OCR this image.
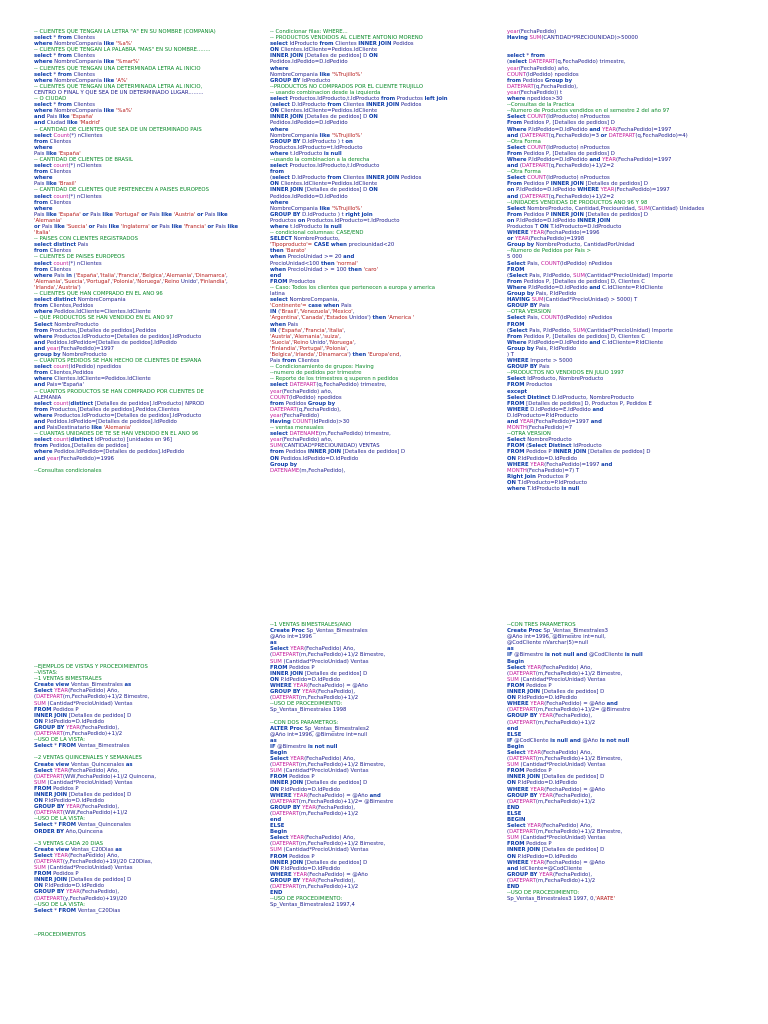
-- CLIENTES QUE TENGAN LA LETRA "A" EN SU NOMBRE (COMPAÑIA)
select * from Clientes
where NombreCompania like '%a%'
-- CLIENTES QUE TENGAN LA PALABRA "MAS" EN SU NOMBRE........
select * from Clientes
where NombreCompania like '%mar%'
-- CLIENTES QUE TENGAN UNA DETERMINADA LETRA AL INICIO
select * from Clientes
where NombreCompania like 'A%'
-- CLIENTES QUE TENGAN UNA DETERMINADA LETRA AL INICIO,
CENTRO O FINAL Y QUE SEA DE UN DETERMINADO LUGAR.........
-- O CIUDAD
select * from Clientes
where NombreCompania like '%a%'
and Pais like 'España'
and Ciudad like 'Madrid'
-- CANTIDAD DE CLIENTES QUE SEA DE UN DETERMINADO PAIS
select Count(*) nClientes
from Clientes
where
Pais like 'España'
-- CANTIDAD DE CLIENTES DE BRASIL
select count(*) nClientes
from Clientes
where
Pais like 'Brasil'
-- CANTIDAD DE CLIENTES QUE PERTENECEN A PAISES EUROPEOS
select count(*) nClientes
from Clientes
where
Pais like 'España' or Pais like 'Portugal' or Pais like 'Austria' or Pais like
'Alemania'
or Pais like 'Suecia' or Pais like 'Inglaterra' or Pais like 'Francia' or Pais like
'Italia'
-- PAISES CON CLIENTES REGISTRADOS
select distinct Pais
from Clientes
-- CLIENTES DE PAISES EUROPEOS
select count(*) nClientes
from Clientes
where Pais in ('España','Italia','Francia','Belgica','Alemania','Dinamarca',
'Alemania','Suecia','Portugal','Polonia','Noruega','Reino Unido','Finlandia',
'Irlanda','Austria')
-- CLIENTES QUE HAN COMPRADO EN EL AÑO 96
select distinct NombreCompania
from Clientes,Pedidos
where Pedidos.IdCliente=Clientes.IdCliente
-- QUE PRODUCTOS SE HAN VENDIDO EN EL AÑO 97
Select NombreProducto
from Productos,[Detalles de pedidos],Pedidos
where Productos.IdProducto=[Detalles de pedidos].IdProducto
and Pedidos.IdPedido=[Detalles de pedidos].IdPedido
and year(FechaPedido)=1997
group by NombreProducto
-- CUANTOS PEDIDOS SE HAN HECHO DE CLIENTES DE ESPAÑA
select count(IdPedido) npedidos
from Clientes,Pedidos
where Clientes.IdCliente=Pedidos.IdCliente
and Pais='España'
-- CUANTOS PRODUCTOS SE HAN COMPRADO POR CLIENTES DE
ALEMANIA
select count(distinct [Detalles de pedidos].IdProducto) NPROD
from Productos,[Detalles de pedidos],Pedidos,Clientes
where Productos.IdProducto=[Detalles de pedidos].IdProducto
and Pedidos.IdPedido=[Detalles de pedidos].IdPedido
and PaisDestinatario like 'Alemania'
-- CUANTAS UNIDADES DE TE SE HAN VENDIDO EN EL AÑO 96
select count(distinct IdProducto) [unidades en 96]
from Pedidos,[Detalles de pedidos]
where Pedidos.IdPedido=[Detalles de pedidos].IdPedido
and year(FechaPedido)=1996
--Consultas condicionales
-- Condicionar filas: WHERE...
-- PRODUCTOS VENDIDOS AL CLIENTE ANTONIO MORENO
select IdProducto from Clientes INNER JOIN Pedidos
ON Clientes.IdCliente=Pedidos.IdCliente
INNER JOIN [Detalles de pedidos] D ON
Pedidos.IdPedido=D.IdPedido
where
NombreCompania like '%Trujillo%'
GROUP BY IdProducto
--PRODUCTOS NO COMPRADOS POR EL CLIENTE TRUJILLO
-- usando combinacion desde la izquierda
select Productos.IdProducto,t.IdProducto from Productos left join
(select D.IdProducto from Clientes INNER JOIN Pedidos
ON Clientes.IdCliente=Pedidos.IdCliente
INNER JOIN [Detalles de pedidos] D ON
Pedidos.IdPedido=D.IdPedido
where
NombreCompania like '%Trujillo%'
GROUP BY D.IdProducto ) t on
Productos.IdProducto=t.IdProducto
where t.IdProducto is null
--usando la combinacion a la derecha
select Productos.IdProducto,t.IdProducto
from
(select D.IdProducto from Clientes INNER JOIN Pedidos
ON Clientes.IdCliente=Pedidos.IdCliente
INNER JOIN [Detalles de pedidos] D ON
Pedidos.IdPedido=D.IdPedido
where
NombreCompania like '%Trujillo%'
GROUP BY D.IdProducto ) t right join
Productos on Productos.IdProducto=t.IdProducto
where t.IdProducto is null
-- condicional columnas: CASE/END
SELECT NombreProducto,
'Tipoproducto'= CASE when preciounidad<20
then 'Barato'
when PrecioUnidad >= 20 and
PrecioUnidad<100 then 'normal'
when PrecioUnidad > = 100 then 'caro'
end
FROM Productos
-- Caso: Todos los clientes que pertenecen a europa y america
latina
select NombreCompania,
'Continente'= case when Pais
IN ('Brasil','Venezuela','Mexico',
'Argentina','Canada','Estados Unidos') then 'America '
when Pais
IN ('España','Francia','Italia',
'Austria','Alemania','suiza',
'Suecia','Reino Unido','Noruega',
'Finlandia','Portugal','Polonia',
'Belgica','Irlanda','Dinamarca') then 'Europa'end,
Pais from Clientes
-- Condicionamiento de grupos: Having
--numero de pedidos por trimestre
-- Reporte de los trimestres q superen n pedidos
select DATEPART(q,FechaPedido) trimestre,
year(FechaPedido) año,
COUNT(IdPedido) npedidos
from Pedidos Group by
DATEPART(q,FechaPedido),
year(FechaPedido)
Having COUNT(IdPedido)>30
-- ventas mensuales
select DATENAME(m,FechaPedido) trimestre,
year(FechaPedido) año,
SUM(CANTIDAD*PRECIOUNIDAD) VENTAS
from Pedidos INNER JOIN [Detalles de pedidos] D
ON Pedidos.IdPedido=D.IdPedido
Group by
DATENAME(m,FechaPedido),
year(FechaPedido)
Having SUM(CANTIDAD*PRECIOUNIDAD)>50000
select * from
(select DATEPART(q,FechaPedido) trimestre,
year(FechaPedido) año,
COUNT(IdPedido) npedidos
from Pedidos Group by
DATEPART(q,FechaPedido),
year(FechaPedido)) t
where npedidos>30
--Consultas de la Practica
--Numero de Productos vendidos en el semestre 2 del año 97
Select COUNT(IdProducto) nProductos
From Pedidos P, [Detalles de pedidos] D
Where P.IdPedido=D.IdPedido and YEAR(FechaPedido)=1997
and (DATEPART(q,FechaPedido)=3 or DATEPART(q,FechaPedido)=4)
--Otra Forma
Select COUNT(IdProducto) nProductos
From Pedidos P, [Detalles de pedidos] D
Where P.IdPedido=D.IdPedido and YEAR(FechaPedido)=1997
and (DATEPART(q,FechaPedido)+1)/2=2
--Otra Forma
Select COUNT(IdProducto) nProductos
From Pedidos P INNER JOIN [Detalles de pedidos] D
on P.IdPedido=D.IdPedido WHERE YEAR(FechaPedido)=1997
and (DATEPART(q,FechaPedido)+1)/2=2
--UNIDADES VENDIDAS DE PRODUCTOS AÑO 96 Y 98
Select NombreProducto, Cantidad,Preciounidad, SUM(Cantidad) Unidades
From Pedidos P INNER JOIN [Detalles de pedidos] D
on P.IdPedido=D.IdPedido INNER JOIN
Productos T ON T.IdProducto=D.IdProducto
WHERE YEAR(FechaPedido)=1996
or YEAR(FechaPedido)=1998
Group by NombreProducto, CantidadPorUnidad
--Numero de Pedidos por Pais >
5 000
Select Pais, COUNT(IdPedido) nPedidos
FROM
(Select Pais, P.IdPedido, SUM(Cantidad*PrecioUnidad) Importe
From Pedidos P, [Detalles de pedidos] D, Clientes C
Where P.IdPedido=D.IdPedido and C.IdCliente=P.IdCliente
Group by Pais, P.IdPedido
HAVING SUM(Cantidad*PrecioUnidad) > 5000) T
GROUP BY Pais
--OTRA VERSION
Select Pais, COUNT(IdPedido) nPedidos
FROM
(Select Pais, P.IdPedido, SUM(Cantidad*PrecioUnidad) Importe
From Pedidos P, [Detalles de pedidos] D, Clientes C
Where P.IdPedido=D.IdPedido and C.IdCliente=P.IdCliente
Group by Pais, P.IdPedido
) T
WHERE Importe > 5000
GROUP BY Pais
--PRODUCTOS NO VENDIDOS EN JULIO 1997
Select IdProducto, NombreProducto
FROM Productos
except
Select Distinct D.IdProducto, NombreProducto
FROM [Detalles de pedidos] D, Productos P, Pedidos E
WHERE D.IdPedido=E.IdPedido and
D.IdProducto=P.IdProducto
and YEAR(FechaPedido)=1997 and
MONTH(FechaPedido)=7
--OTRA VERSION
Select NombreProducto
FROM (Select Distinct IdProducto
FROM Pedidos P INNER JOIN [Detalles de pedidos] D
ON P.IdPedido=D.IdPedido
WHERE YEAR(FechaPedido)=1997 and
MONTH(FechaPedido)=7) T
Right Join Productos P
ON T.IdProducto=P.IdProducto
where T.IdProducto is null
--EJEMPLOS DE VISTAS Y PROCEDIMIENTOS
--VISTAS:
--1 VENTAS BIMESTRALES
Create view Ventas_Bimestrales as
Select YEAR(FechaPedido) Año,
(DATEPART(m,FechaPedido)+1)/2 Bimestre,
SUM (Cantidad*PrecioUnidad) Ventas
FROM Pedidos P
INNER JOIN [Detalles de pedidos] D
ON P.IdPedido=D.IdPedido
GROUP BY YEAR(FechaPedido),
(DATEPART(m,FechaPedido)+1)/2
--USO DE LA VISTA:
Select * FROM Ventas_Bimestrales
--2 VENTAS QUINCENALES Y SEMANALES
Create view Ventas_Quincenales as
Select YEAR(FechaPedido) Año,
(DATEPART(WW,FechaPedido)+1)/2 Quincena,
SUM (Cantidad*PrecioUnidad) Ventas
FROM Pedidos P
INNER JOIN [Detalles de pedidos] D
ON P.IdPedido=D.IdPedido
GROUP BY YEAR(FechaPedido),
(DATEPART(WW,FechaPedido)+1)/2
--USO DE LA VISTA:
Select * FROM Ventas_Quincenales
ORDER BY Año,Quincena
--3 VENTAS CADA 20 DIAS
Create view Ventas_C20Dias as
Select YEAR(FechaPedido) Año,
(DATEPART(y,FechaPedido)+19)/20 C20Dias,
SUM (Cantidad*PrecioUnidad) Ventas
FROM Pedidos P
INNER JOIN [Detalles de pedidos] D
ON P.IdPedido=D.IdPedido
GROUP BY YEAR(FechaPedido),
(DATEPART(y,FechaPedido)+19)/20
--USO DE LA VISTA:
Select * FROM Ventas_C20Dias
--PROCEDIMIENTOS
--1 VENTAS BIMESTRALES/AÑO
Create Proc Sp_Ventas_Bimestrales
@Año int=1996
as
Select YEAR(FechaPedido) Año,
(DATEPART(m,FechaPedido)+1)/2 Bimestre,
SUM (Cantidad*PrecioUnidad) Ventas
FROM Pedidos P
INNER JOIN [Detalles de pedidos] D
ON P.IdPedido=D.IdPedido
WHERE YEAR(FechaPedido) = @Año
GROUP BY YEAR(FechaPedido),
(DATEPART(m,FechaPedido)+1)/2
--USO DE PROCEDIMIENTO:
Sp_Ventas_Bimestrales 1998
--CON DOS PARAMETROS:
ALTER Proc Sp_Ventas_Bimestrales2
@Año int=1996, @Bimestre int=null
as
IF @Bimestre is not null
Begin
Select YEAR(FechaPedido) Año,
(DATEPART(m,FechaPedido)+1)/2 Bimestre,
SUM (Cantidad*PrecioUnidad) Ventas
FROM Pedidos P
INNER JOIN [Detalles de pedidos] D
ON P.IdPedido=D.IdPedido
WHERE YEAR(FechaPedido) = @Año and
(DATEPART(m,FechaPedido)+1)/2= @Bimestre
GROUP BY YEAR(FechaPedido),
(DATEPART(m,FechaPedido)+1)/2
end
ELSE
Begin
Select YEAR(FechaPedido) Año,
(DATEPART(m,FechaPedido)+1)/2 Bimestre,
SUM (Cantidad*PrecioUnidad) Ventas
FROM Pedidos P
INNER JOIN [Detalles de pedidos] D
ON P.IdPedido=D.IdPedido
WHERE YEAR(FechaPedido) = @Año
GROUP BY YEAR(FechaPedido),
(DATEPART(m,FechaPedido)+1)/2
END
--USO DE PROCEDIMIENTO:
Sp_Ventas_Bimestrales2 1997,4
--CON TRES PARAMETROS
Create Proc Sp_Ventas_Bimestrales3
@Año int=1996, @Bimestre int=null,
@CodCliente nVarchar(5)=null
as
IF @Bimestre is not null and @CodCliente is null
Begin
Select YEAR(FechaPedido) Año,
(DATEPART(m,FechaPedido)+1)/2 Bimestre,
SUM (Cantidad*PrecioUnidad) Ventas
FROM Pedidos P
INNER JOIN [Detalles de pedidos] D
ON P.IdPedido=D.IdPedido
WHERE YEAR(FechaPedido) = @Año and
(DATEPART(m,FechaPedido)+1)/2= @Bimestre
GROUP BY YEAR(FechaPedido),
(DATEPART(m,FechaPedido)+1)/2
end
ELSE
IF @CodCliente is null and @Año is not null
Begin
Select YEAR(FechaPedido) Año,
(DATEPART(m,FechaPedido)+1)/2 Bimestre,
SUM (Cantidad*PrecioUnidad) Ventas
FROM Pedidos P
INNER JOIN [Detalles de pedidos] D
ON P.IdPedido=D.IdPedido
WHERE YEAR(FechaPedido) = @Año
GROUP BY YEAR(FechaPedido),
(DATEPART(m,FechaPedido)+1)/2
END
ELSE
BEGIN
Select YEAR(FechaPedido) Año,
(DATEPART(m,FechaPedido)+1)/2 Bimestre,
SUM (Cantidad*PrecioUnidad) Ventas
FROM Pedidos P
INNER JOIN [Detalles de pedidos] D
ON P.IdPedido=D.IdPedido
WHERE YEAR(FechaPedido) = @Año
and IdCliente=@CodCliente
GROUP BY YEAR(FechaPedido),
(DATEPART(m,FechaPedido)+1)/2
END
--USO DE PROCEDIMIENTO:
Sp_Ventas_Bimestrales3 1997, 0,'ARATE'
